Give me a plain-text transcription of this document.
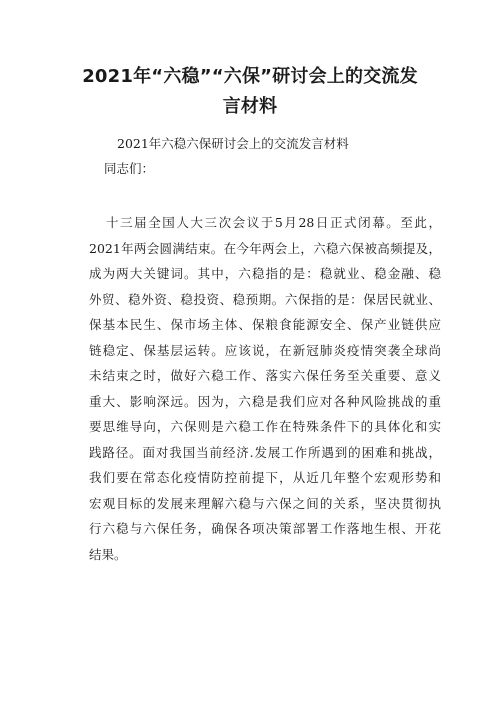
2021年“六稳”“六保”研讨会上的交流发
言材料

2021年六稳六保研讨会上的交流发言材料

同志们：

十三届全国人大三次会议于5月28日正式闭幕。至此，
2021年两会圆满结束。在今年两会上，六稳六保被高频提及，
成为两大关键词。其中，六稳指的是：稳就业、稳金融、稳
外贸、稳外资、稳投资、稳预期。六保指的是：保居民就业、
保基本民生、保市场主体、保粮食能源安全、保产业链供应
链稳定、保基层运转。应该说，在新冠肺炎疫情突袭全球尚
未结束之时，做好六稳工作、落实六保任务至关重要、意义
重大、影响深远。因为，六稳是我们应对各种风险挑战的重
要思维导向，六保则是六稳工作在特殊条件下的具体化和实
践路径。面对我国当前经济.发展工作所遇到的困难和挑战，
我们要在常态化疫情防控前提下，从近几年整个宏观形势和
宏观目标的发展来理解六稳与六保之间的关系，坚决贯彻执
行六稳与六保任务，确保各项决策部署工作落地生根、开花
结果。
